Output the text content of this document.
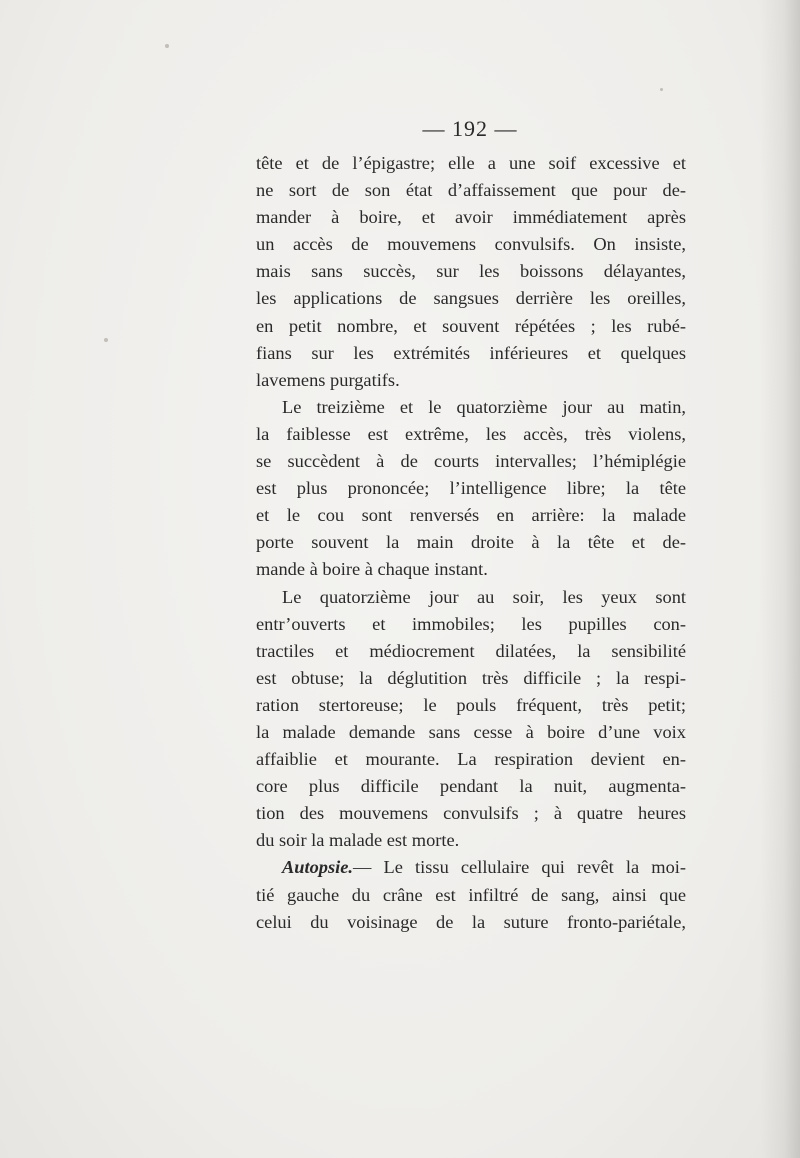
— 192 —
tête et de l’épigastre; elle a une soif excessive et
ne sort de son état d’affaissement que pour de-
mander à boire, et avoir immédiatement après
un accès de mouvemens convulsifs. On insiste,
mais sans succès, sur les boissons délayantes,
les applications de sangsues derrière les oreilles,
en petit nombre, et souvent répétées ; les rubé-
fians sur les extrémités inférieures et quelques
lavemens purgatifs.
Le treizième et le quatorzième jour au matin,
la faiblesse est extrême, les accès, très violens,
se succèdent à de courts intervalles; l’hémiplégie
est plus prononcée; l’intelligence libre; la tête
et le cou sont renversés en arrière: la malade
porte souvent la main droite à la tête et de-
mande à boire à chaque instant.
Le quatorzième jour au soir, les yeux sont
entr’ouverts et immobiles; les pupilles con-
tractiles et médiocrement dilatées, la sensibilité
est obtuse; la déglutition très difficile ; la respi-
ration stertoreuse; le pouls fréquent, très petit;
la malade demande sans cesse à boire d’une voix
affaiblie et mourante. La respiration devient en-
core plus difficile pendant la nuit, augmenta-
tion des mouvemens convulsifs ; à quatre heures
du soir la malade est morte.
Autopsie.— Le tissu cellulaire qui revêt la moi-
tié gauche du crâne est infiltré de sang, ainsi que
celui du voisinage de la suture fronto-pariétale,
